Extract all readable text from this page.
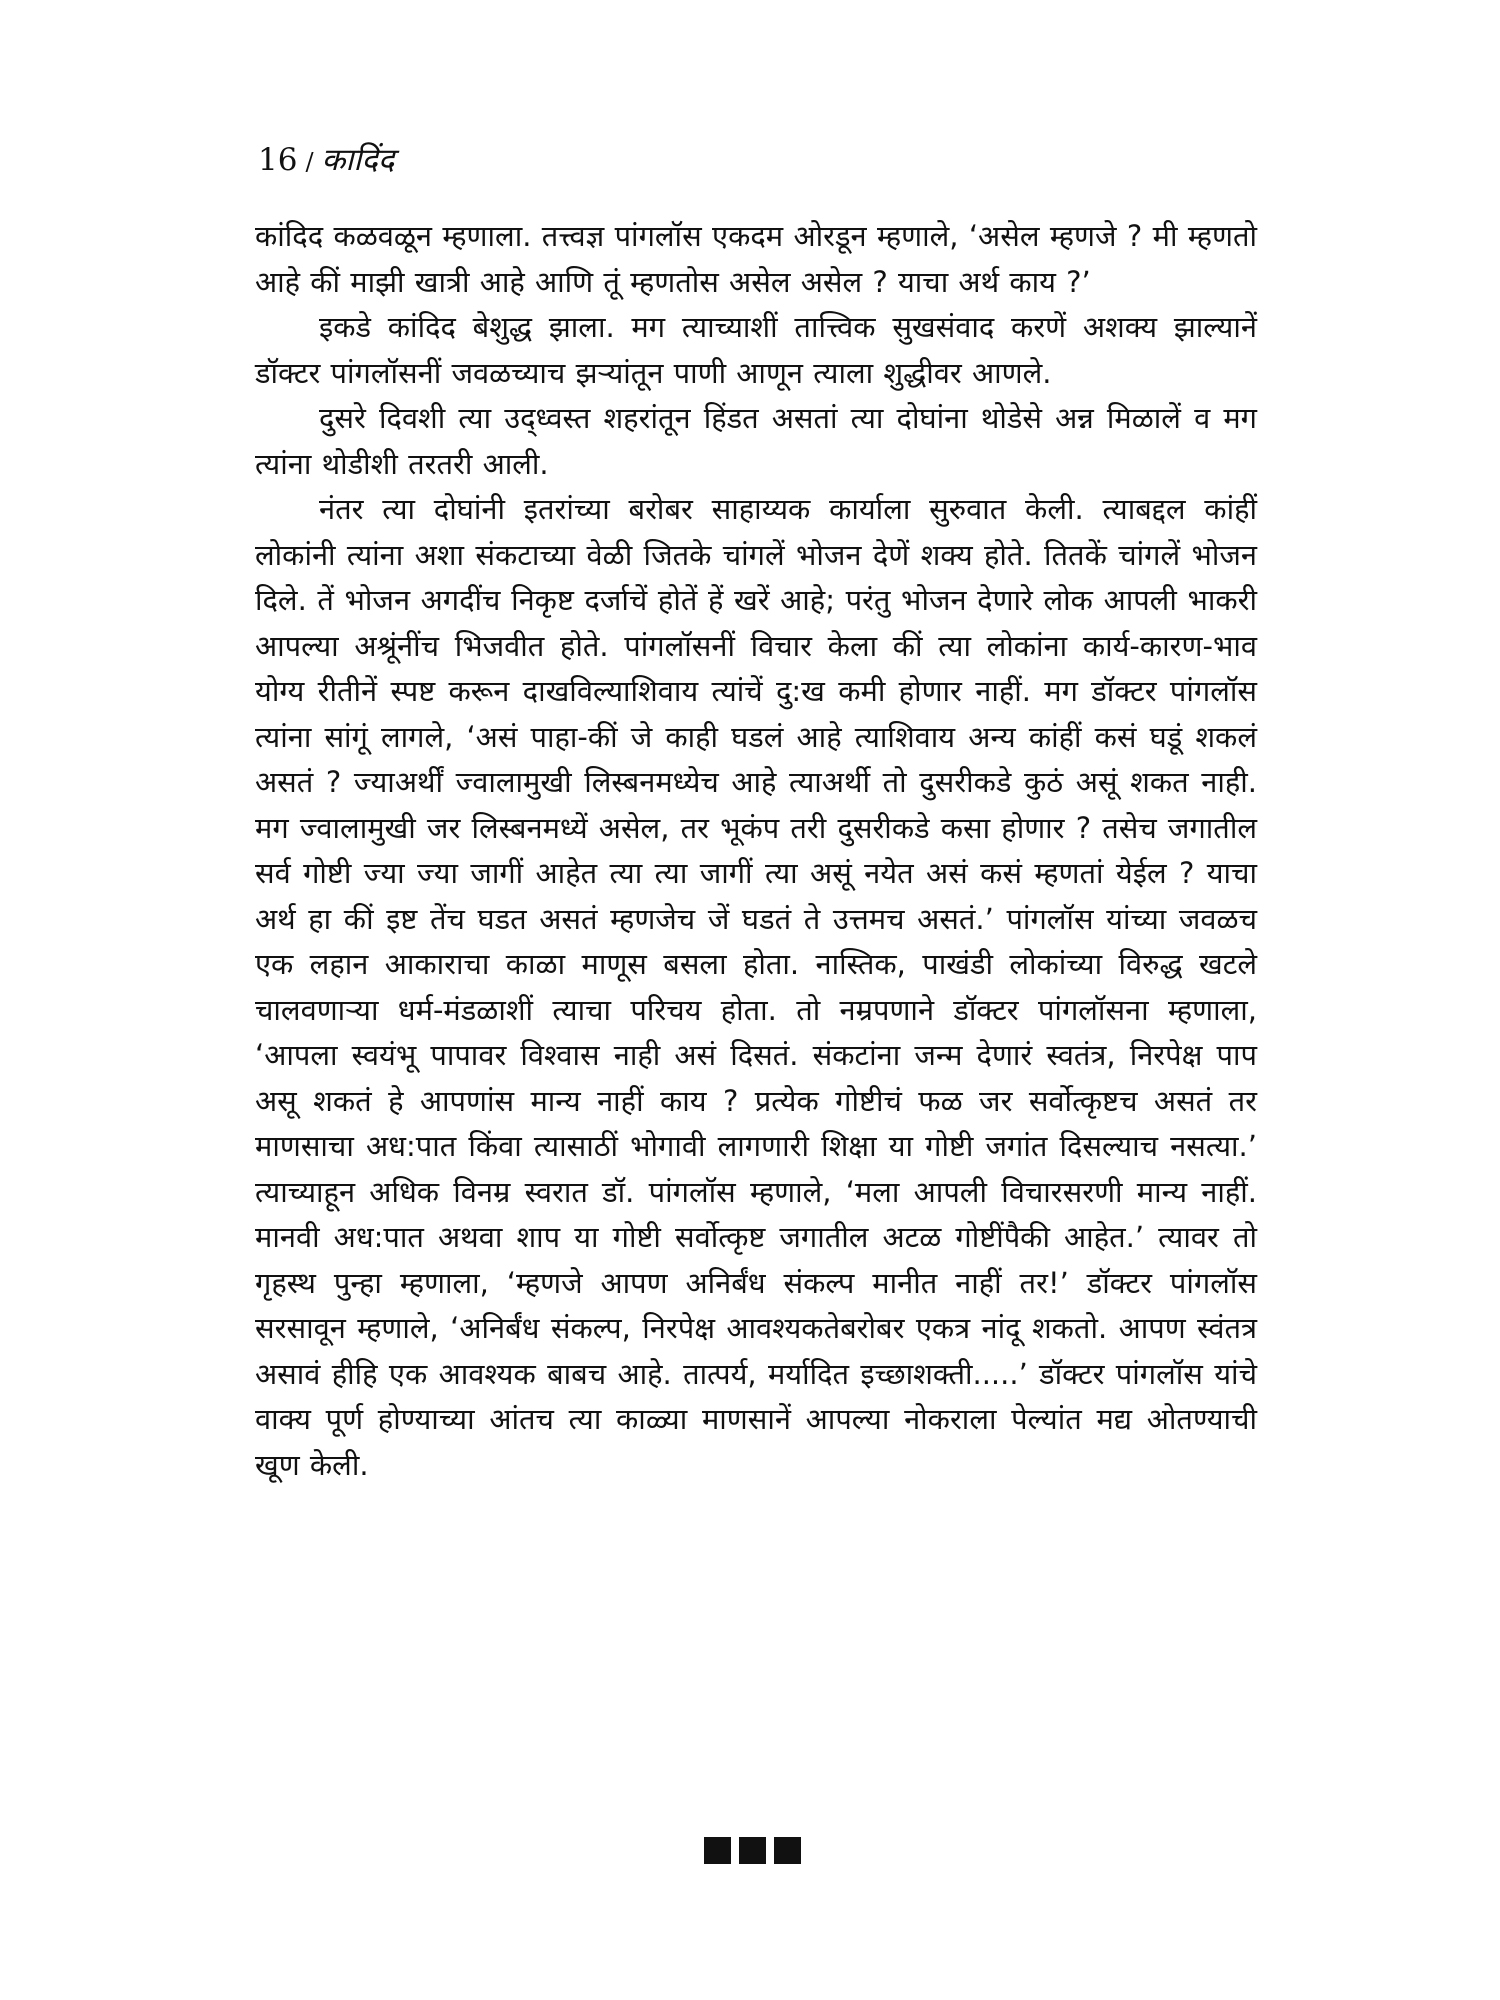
16 / कादिंद

कांदिद कळवळून म्हणाला. तत्त्वज्ञ पांगलॉस एकदम ओरडून म्हणाले, ‘असेल म्हणजे ? मी म्हणतो आहे कीं माझी खात्री आहे आणि तूं म्हणतोस असेल असेल ? याचा अर्थ काय ?’

इकडे कांदिद बेशुद्ध झाला. मग त्याच्याशीं तात्त्विक सुखसंवाद करणें अशक्य झाल्यानें डॉक्टर पांगलॉसनीं जवळच्याच झऱ्यांतून पाणी आणून त्याला शुद्धीवर आणले.

दुसरे दिवशी त्या उद्ध्वस्त शहरांतून हिंडत असतां त्या दोघांना थोडेसे अन्न मिळालें व मग त्यांना थोडीशी तरतरी आली.

नंतर त्या दोघांनी इतरांच्या बरोबर साहाय्यक कार्याला सुरुवात केली. त्याबद्दल कांहीं लोकांनी त्यांना अशा संकटाच्या वेळी जितके चांगलें भोजन देणें शक्य होते. तितकें चांगलें भोजन दिले. तें भोजन अगदींच निकृष्ट दर्जाचें होतें हें खरें आहे; परंतु भोजन देणारे लोक आपली भाकरी आपल्या अश्रूंनींच भिजवीत होते. पांगलॉसनीं विचार केला कीं त्या लोकांना कार्य-कारण-भाव योग्य रीतीनें स्पष्ट करून दाखविल्याशिवाय त्यांचें दु:ख कमी होणार नाहीं. मग डॉक्टर पांगलॉस त्यांना सांगूं लागले, ‘असं पाहा-कीं जे काही घडलं आहे त्याशिवाय अन्य कांहीं कसं घडूं शकलं असतं ? ज्याअर्थीं ज्वालामुखी लिस्बनमध्येच आहे त्याअर्थी तो दुसरीकडे कुठं असूं शकत नाही. मग ज्वालामुखी जर लिस्बनमध्यें असेल, तर भूकंप तरी दुसरीकडे कसा होणार ? तसेच जगातील सर्व गोष्टी ज्या ज्या जागीं आहेत त्या त्या जागीं त्या असूं नयेत असं कसं म्हणतां येईल ? याचा अर्थ हा कीं इष्ट तेंच घडत असतं म्हणजेच जें घडतं ते उत्तमच असतं.’ पांगलॉस यांच्या जवळच एक लहान आकाराचा काळा माणूस बसला होता. नास्तिक, पाखंडी लोकांच्या विरुद्ध खटले चालवणाऱ्या धर्म-मंडळाशीं त्याचा परिचय होता. तो नम्रपणाने डॉक्टर पांगलॉसना म्हणाला, ‘आपला स्वयंभू पापावर विश्वास नाही असं दिसतं. संकटांना जन्म देणारं स्वतंत्र, निरपेक्ष पाप असू शकतं हे आपणांस मान्य नाहीं काय ? प्रत्येक गोष्टीचं फळ जर सर्वोत्कृष्टच असतं तर माणसाचा अध:पात किंवा त्यासाठीं भोगावी लागणारी शिक्षा या गोष्टी जगांत दिसल्याच नसत्या.’ त्याच्याहून अधिक विनम्र स्वरात डॉ. पांगलॉस म्हणाले, ‘मला आपली विचारसरणी मान्य नाहीं. मानवी अध:पात अथवा शाप या गोष्टी सर्वोत्कृष्ट जगातील अटळ गोष्टींपैकी आहेत.’ त्यावर तो गृहस्थ पुन्हा म्हणाला, ‘म्हणजे आपण अनिर्बंध संकल्प मानीत नाहीं तर!’ डॉक्टर पांगलॉस सरसावून म्हणाले, ‘अनिर्बंध संकल्प, निरपेक्ष आवश्यकतेबरोबर एकत्र नांदू शकतो. आपण स्वंतत्र असावं हीहि एक आवश्यक बाबच आहे. तात्पर्य, मर्यादित इच्छाशक्ती.....’ डॉक्टर पांगलॉस यांचे वाक्य पूर्ण होण्याच्या आंतच त्या काळ्या माणसानें आपल्या नोकराला पेल्यांत मद्य ओतण्याची खूण केली.
